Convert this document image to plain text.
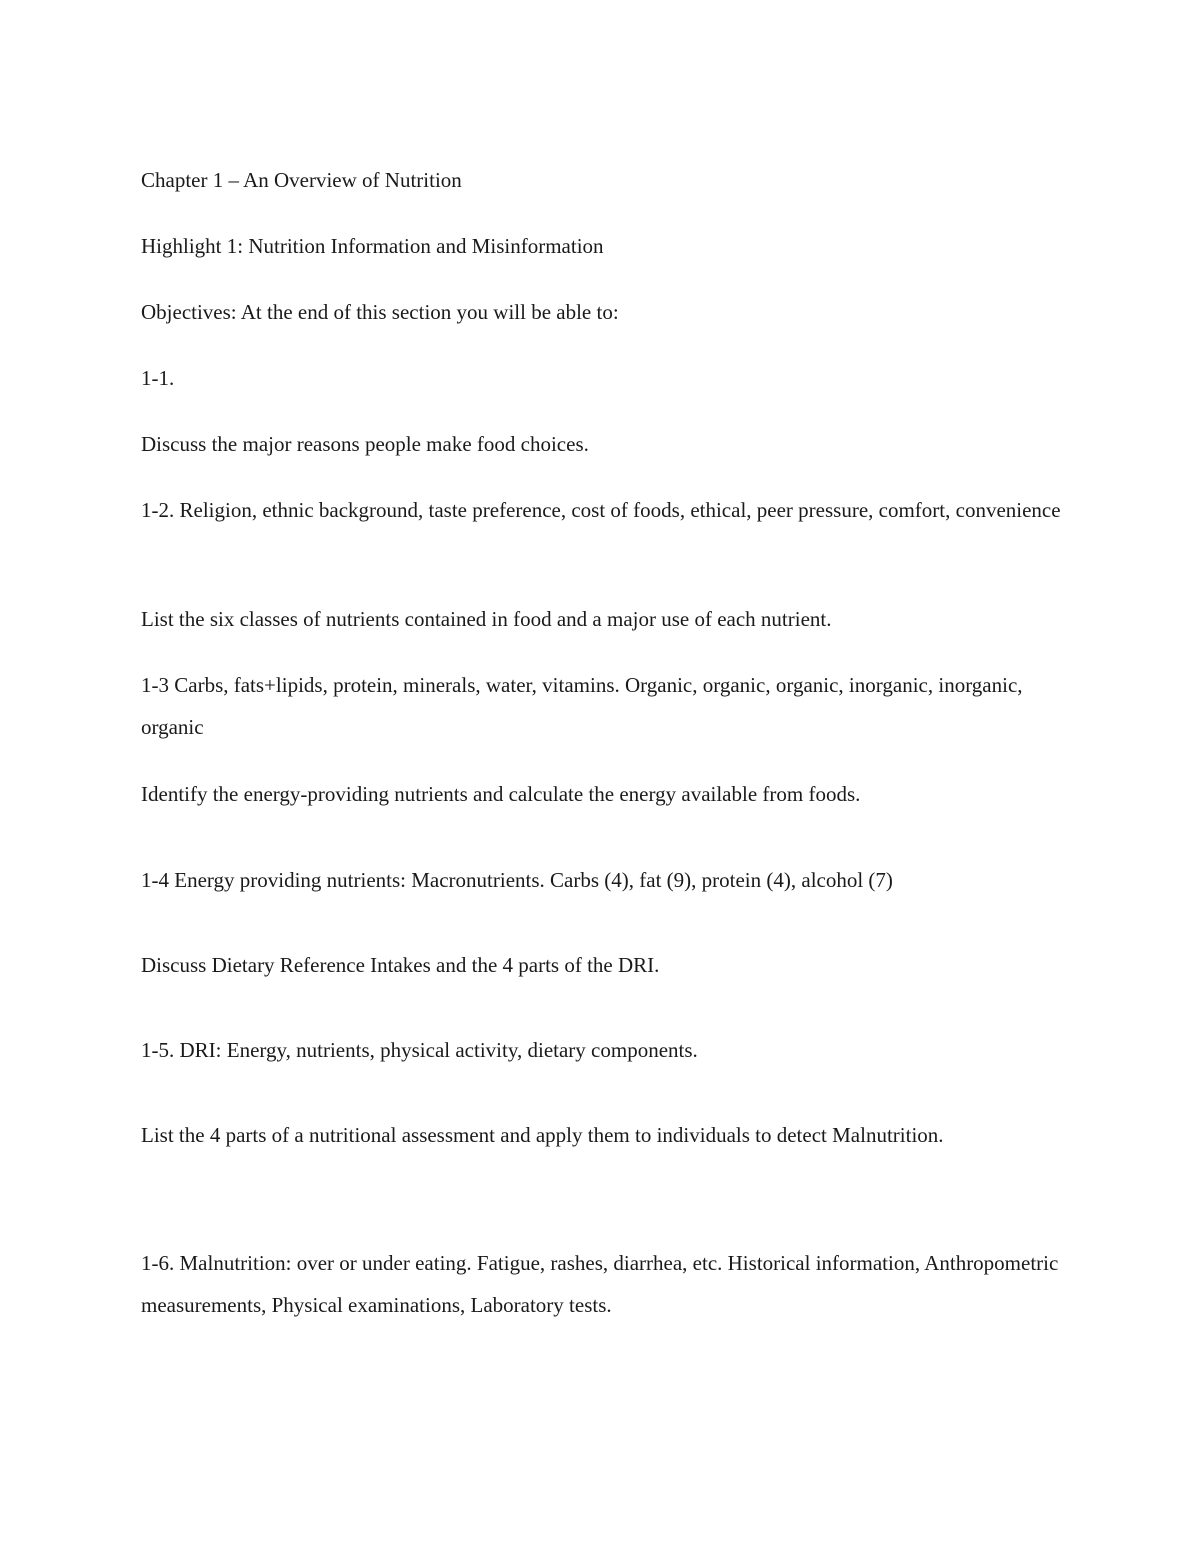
Chapter 1 – An Overview of Nutrition

Highlight 1: Nutrition Information and Misinformation

Objectives: At the end of this section you will be able to:

1-1.

Discuss the major reasons people make food choices.

1-2. Religion, ethnic background, taste preference, cost of foods, ethical, peer pressure, comfort, convenience

List the six classes of nutrients contained in food and a major use of each nutrient.

1-3 Carbs, fats+lipids, protein, minerals, water, vitamins. Organic, organic, organic, inorganic, inorganic, organic

Identify the energy-providing nutrients and calculate the energy available from foods.

1-4 Energy providing nutrients: Macronutrients. Carbs (4), fat (9), protein (4), alcohol (7)

Discuss Dietary Reference Intakes and the 4 parts of the DRI.

1-5. DRI: Energy, nutrients, physical activity, dietary components.

List the 4 parts of a nutritional assessment and apply them to individuals to detect Malnutrition.

1-6. Malnutrition: over or under eating. Fatigue, rashes, diarrhea, etc. Historical information, Anthropometric measurements, Physical examinations, Laboratory tests.
